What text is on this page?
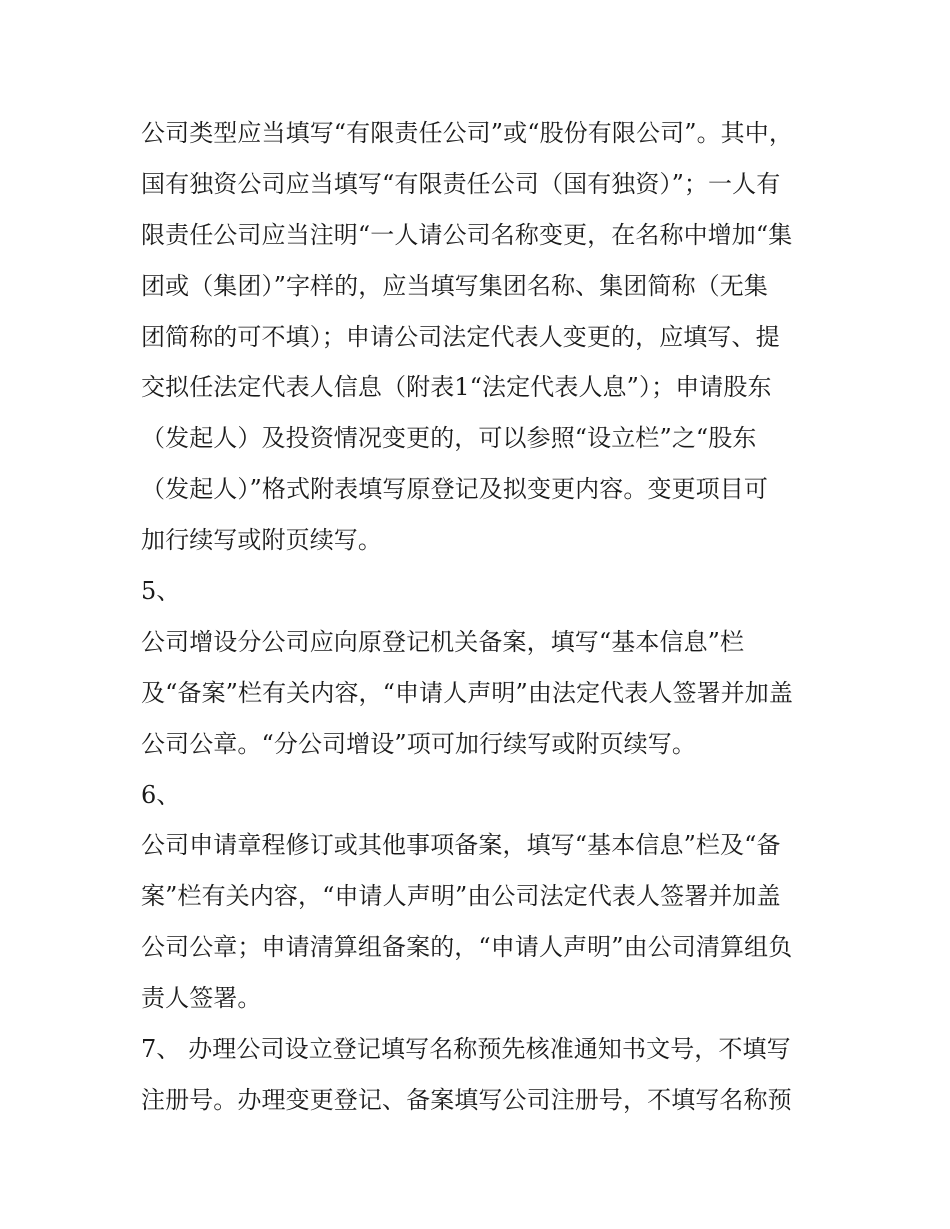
公司类型应当填写“有限责任公司”或“股份有限公司”。其中，
国有独资公司应当填写“有限责任公司（国有独资）”；一人有
限责任公司应当注明“一人请公司名称变更，在名称中增加“集
团或（集团）”字样的，应当填写集团名称、集团简称（无集
团简称的可不填）；申请公司法定代表人变更的，应填写、提
交拟任法定代表人信息（附表1“法定代表人息”）；申请股东
（发起人）及投资情况变更的，可以参照“设立栏”之“股东
（发起人）”格式附表填写原登记及拟变更内容。变更项目可
加行续写或附页续写。
5、
公司增设分公司应向原登记机关备案，填写“基本信息”栏
及“备案”栏有关内容，“申请人声明”由法定代表人签署并加盖
公司公章。“分公司增设”项可加行续写或附页续写。
6、
公司申请章程修订或其他事项备案，填写“基本信息”栏及“备
案”栏有关内容，“申请人声明”由公司法定代表人签署并加盖
公司公章；申请清算组备案的，“申请人声明”由公司清算组负
责人签署。
7、 办理公司设立登记填写名称预先核准通知书文号，不填写
注册号。办理变更登记、备案填写公司注册号，不填写名称预
